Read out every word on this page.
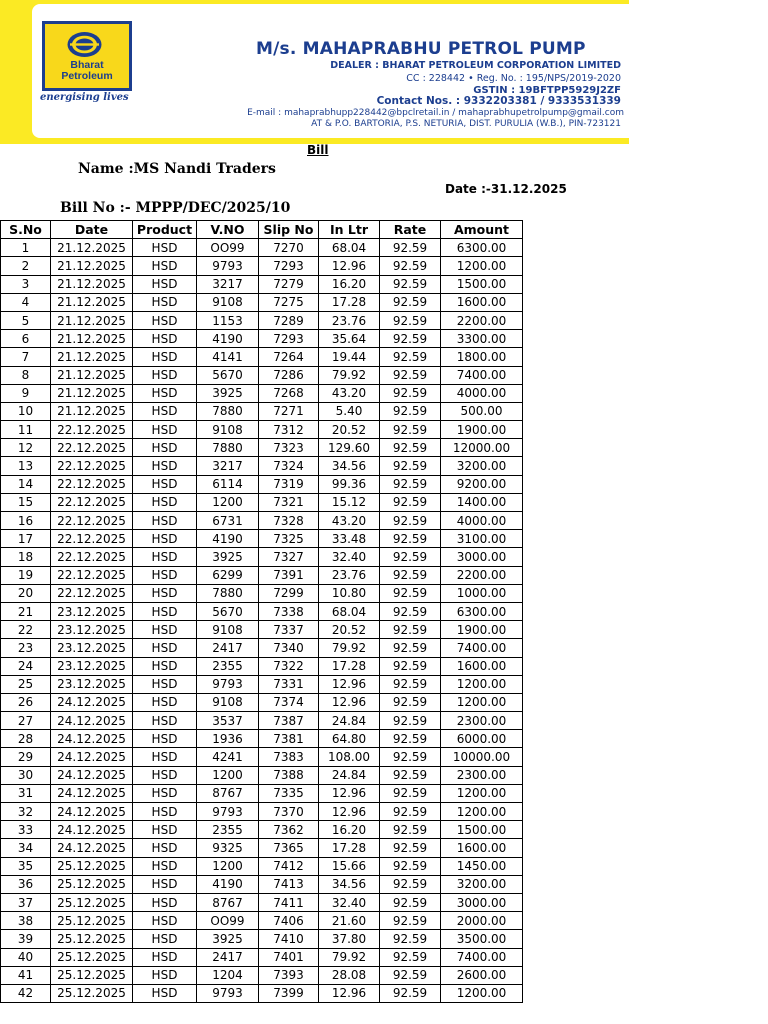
Bharat
Petroleum
energising lives
M/s. MAHAPRABHU PETROL PUMP
DEALER : BHARAT PETROLEUM CORPORATION LIMITED
CC : 228442 • Reg. No. : 195/NPS/2019-2020
GSTIN : 19BFTPP5929J2ZF
Contact Nos. : 9332203381 / 9333531339
E-mail : mahaprabhupp228442@bpclretail.in / mahaprabhupetrolpump@gmail.com
AT & P.O. BARTORIA, P.S. NETURIA, DIST. PURULIA (W.B.), PIN-723121
Bill
Name :MS Nandi Traders
Date :-31.12.2025
Bill No :- MPPP/DEC/2025/10
S.No	Date	Product	V.NO	Slip No	In Ltr	Rate	Amount
1	21.12.2025	HSD	OO99	7270	68.04	92.59	6300.00
2	21.12.2025	HSD	9793	7293	12.96	92.59	1200.00
3	21.12.2025	HSD	3217	7279	16.20	92.59	1500.00
4	21.12.2025	HSD	9108	7275	17.28	92.59	1600.00
5	21.12.2025	HSD	1153	7289	23.76	92.59	2200.00
6	21.12.2025	HSD	4190	7293	35.64	92.59	3300.00
7	21.12.2025	HSD	4141	7264	19.44	92.59	1800.00
8	21.12.2025	HSD	5670	7286	79.92	92.59	7400.00
9	21.12.2025	HSD	3925	7268	43.20	92.59	4000.00
10	21.12.2025	HSD	7880	7271	5.40	92.59	500.00
11	22.12.2025	HSD	9108	7312	20.52	92.59	1900.00
12	22.12.2025	HSD	7880	7323	129.60	92.59	12000.00
13	22.12.2025	HSD	3217	7324	34.56	92.59	3200.00
14	22.12.2025	HSD	6114	7319	99.36	92.59	9200.00
15	22.12.2025	HSD	1200	7321	15.12	92.59	1400.00
16	22.12.2025	HSD	6731	7328	43.20	92.59	4000.00
17	22.12.2025	HSD	4190	7325	33.48	92.59	3100.00
18	22.12.2025	HSD	3925	7327	32.40	92.59	3000.00
19	22.12.2025	HSD	6299	7391	23.76	92.59	2200.00
20	22.12.2025	HSD	7880	7299	10.80	92.59	1000.00
21	23.12.2025	HSD	5670	7338	68.04	92.59	6300.00
22	23.12.2025	HSD	9108	7337	20.52	92.59	1900.00
23	23.12.2025	HSD	2417	7340	79.92	92.59	7400.00
24	23.12.2025	HSD	2355	7322	17.28	92.59	1600.00
25	23.12.2025	HSD	9793	7331	12.96	92.59	1200.00
26	24.12.2025	HSD	9108	7374	12.96	92.59	1200.00
27	24.12.2025	HSD	3537	7387	24.84	92.59	2300.00
28	24.12.2025	HSD	1936	7381	64.80	92.59	6000.00
29	24.12.2025	HSD	4241	7383	108.00	92.59	10000.00
30	24.12.2025	HSD	1200	7388	24.84	92.59	2300.00
31	24.12.2025	HSD	8767	7335	12.96	92.59	1200.00
32	24.12.2025	HSD	9793	7370	12.96	92.59	1200.00
33	24.12.2025	HSD	2355	7362	16.20	92.59	1500.00
34	24.12.2025	HSD	9325	7365	17.28	92.59	1600.00
35	25.12.2025	HSD	1200	7412	15.66	92.59	1450.00
36	25.12.2025	HSD	4190	7413	34.56	92.59	3200.00
37	25.12.2025	HSD	8767	7411	32.40	92.59	3000.00
38	25.12.2025	HSD	OO99	7406	21.60	92.59	2000.00
39	25.12.2025	HSD	3925	7410	37.80	92.59	3500.00
40	25.12.2025	HSD	2417	7401	79.92	92.59	7400.00
41	25.12.2025	HSD	1204	7393	28.08	92.59	2600.00
42	25.12.2025	HSD	9793	7399	12.96	92.59	1200.00
